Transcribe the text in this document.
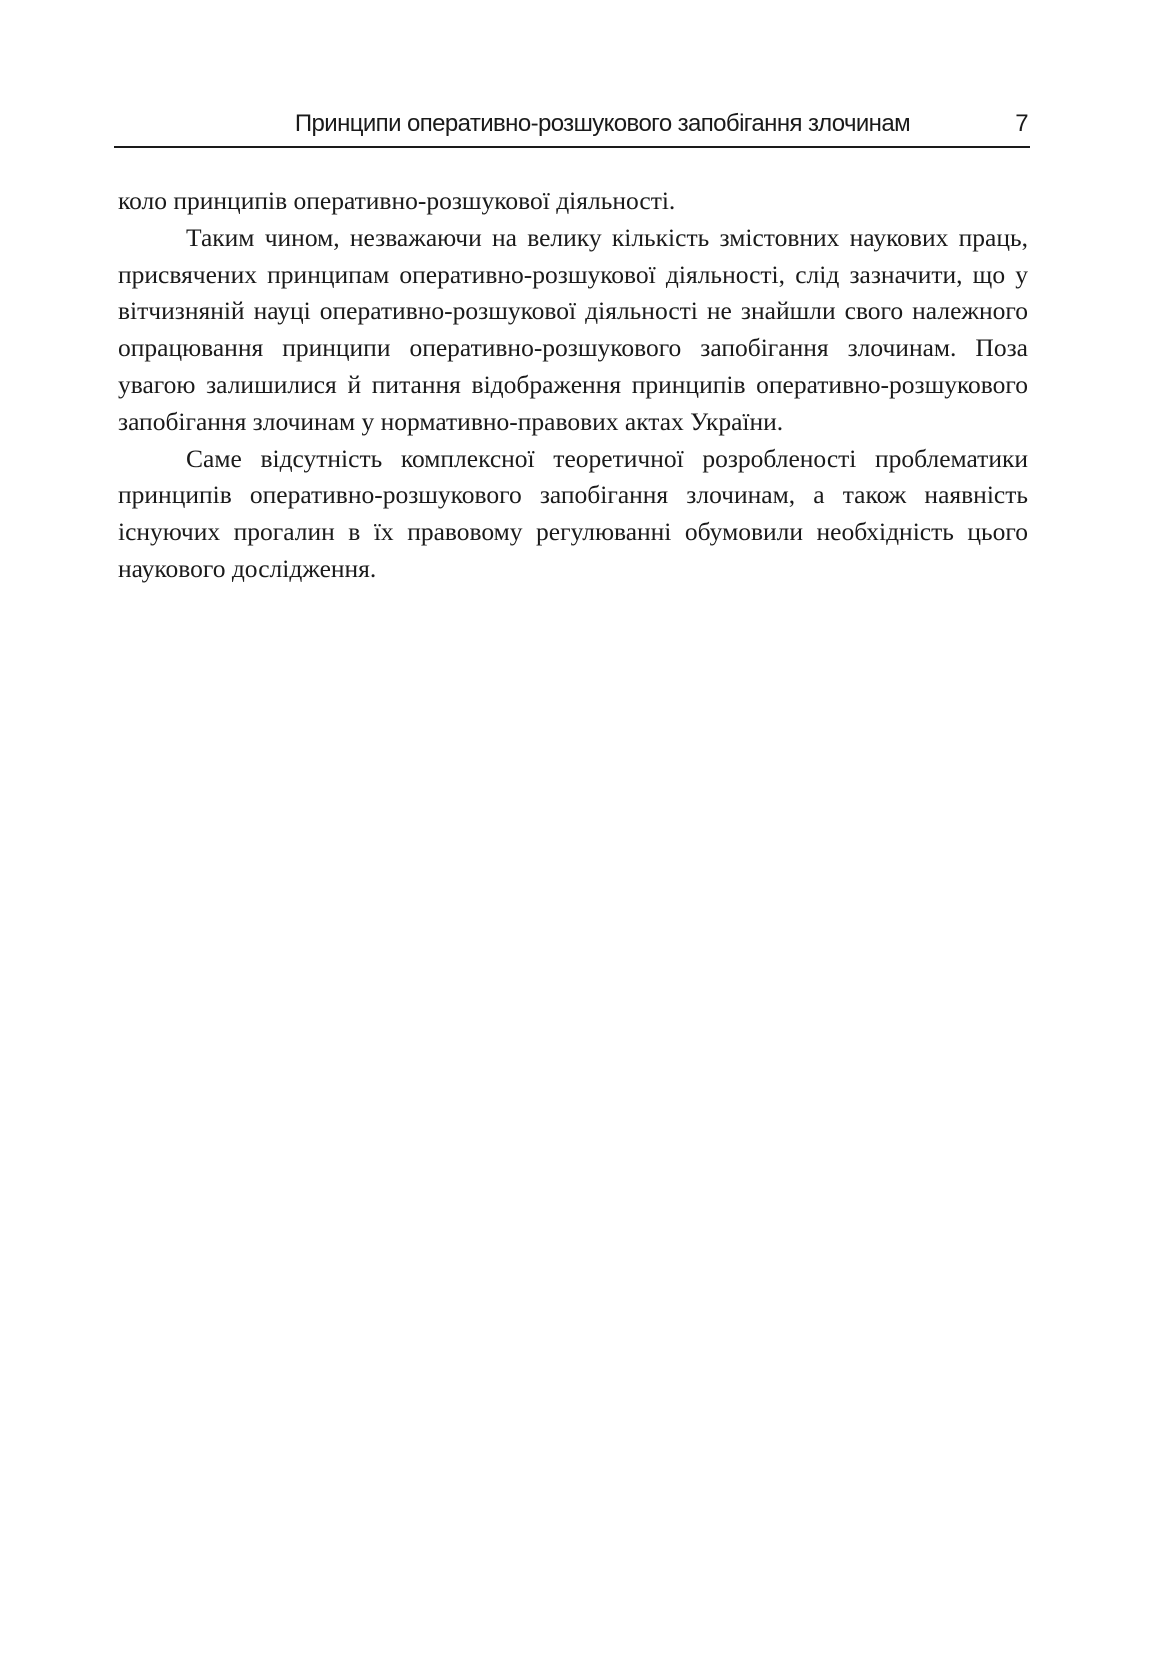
Принципи оперативно-розшукового запобігання злочинам	7

коло принципів оперативно-розшукової діяльності.

Таким чином, незважаючи на велику кількість змістовних наукових праць, присвячених принципам оперативно-розшукової діяльності, слід зазначити, що у вітчизняній науці оперативно-розшукової діяльності не знайшли свого належного опрацювання принципи оперативно-розшукового запобігання злочинам. Поза увагою залишилися й питання відображення принципів оперативно-розшукового запобігання злочинам у нормативно-правових актах України.

Саме відсутність комплексної теоретичної розробленості проблематики принципів оперативно-розшукового запобігання злочинам, а також наявність існуючих прогалин в їх правовому регулюванні обумовили необхідність цього наукового дослідження.
